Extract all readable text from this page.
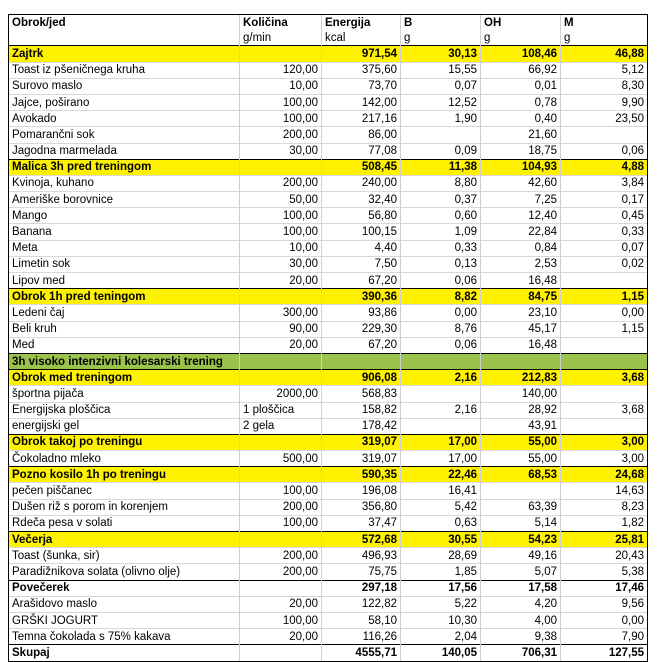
Obrok/jed	Količina	Energija	B	OH	M
	g/min	kcal	g	g	g
Zajtrk		971,54	30,13	108,46	46,88
Toast iz pšeničnega kruha	120,00	375,60	15,55	66,92	5,12
Surovo maslo	10,00	73,70	0,07	0,01	8,30
Jajce, poširano	100,00	142,00	12,52	0,78	9,90
Avokado	100,00	217,16	1,90	0,40	23,50
Pomarančni sok	200,00	86,00		21,60	
Jagodna marmelada	30,00	77,08	0,09	18,75	0,06
Malica 3h pred treningom		508,45	11,38	104,93	4,88
Kvinoja, kuhano	200,00	240,00	8,80	42,60	3,84
Ameriške borovnice	50,00	32,40	0,37	7,25	0,17
Mango	100,00	56,80	0,60	12,40	0,45
Banana	100,00	100,15	1,09	22,84	0,33
Meta	10,00	4,40	0,33	0,84	0,07
Limetin sok	30,00	7,50	0,13	2,53	0,02
Lipov med	20,00	67,20	0,06	16,48	
Obrok 1h pred teningom		390,36	8,82	84,75	1,15
Ledeni čaj	300,00	93,86	0,00	23,10	0,00
Beli kruh	90,00	229,30	8,76	45,17	1,15
Med	20,00	67,20	0,06	16,48	
3h visoko intenzivni kolesarski trening					
Obrok med treningom		906,08	2,16	212,83	3,68
športna pijača	2000,00	568,83		140,00	
Energijska ploščica	1 ploščica	158,82	2,16	28,92	3,68
energijski gel	2 gela	178,42		43,91	
Obrok takoj po treningu		319,07	17,00	55,00	3,00
Čokoladno mleko	500,00	319,07	17,00	55,00	3,00
Pozno kosilo 1h po treningu		590,35	22,46	68,53	24,68
pečen piščanec	100,00	196,08	16,41		14,63
Dušen riž s porom in korenjem	200,00	356,80	5,42	63,39	8,23
Rdeča pesa v solati	100,00	37,47	0,63	5,14	1,82
Večerja		572,68	30,55	54,23	25,81
Toast (šunka, sir)	200,00	496,93	28,69	49,16	20,43
Paradižnikova solata (olivno olje)	200,00	75,75	1,85	5,07	5,38
Povečerek		297,18	17,56	17,58	17,46
Arašidovo maslo	20,00	122,82	5,22	4,20	9,56
GRŠKI JOGURT	100,00	58,10	10,30	4,00	0,00
Temna čokolada s 75% kakava	20,00	116,26	2,04	9,38	7,90
Skupaj		4555,71	140,05	706,31	127,55
